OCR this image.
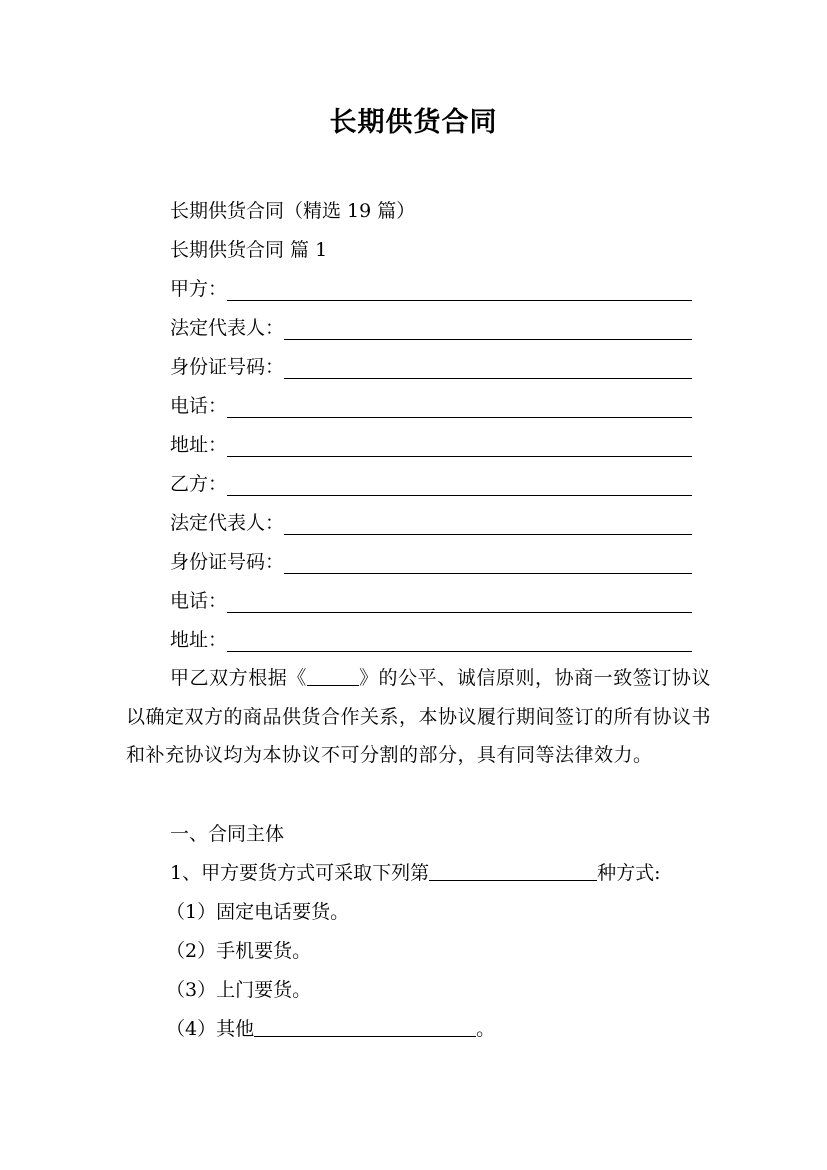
长期供货合同
长期供货合同（精选 19 篇）
长期供货合同 篇 1
甲方：
法定代表人：
身份证号码：
电话：
地址：
乙方：
法定代表人：
身份证号码：
电话：
地址：
甲乙双方根据《	》的公平、诚信原则，协商一致签订协议以确定双方的商品供货合作关系，本协议履行期间签订的所有协议书和补充协议均为本协议不可分割的部分，具有同等法律效力。
一、合同主体
1、甲方要货方式可采取下列第	种方式:
（1）固定电话要货。
（2）手机要货。
（3）上门要货。
（4）其他	。
